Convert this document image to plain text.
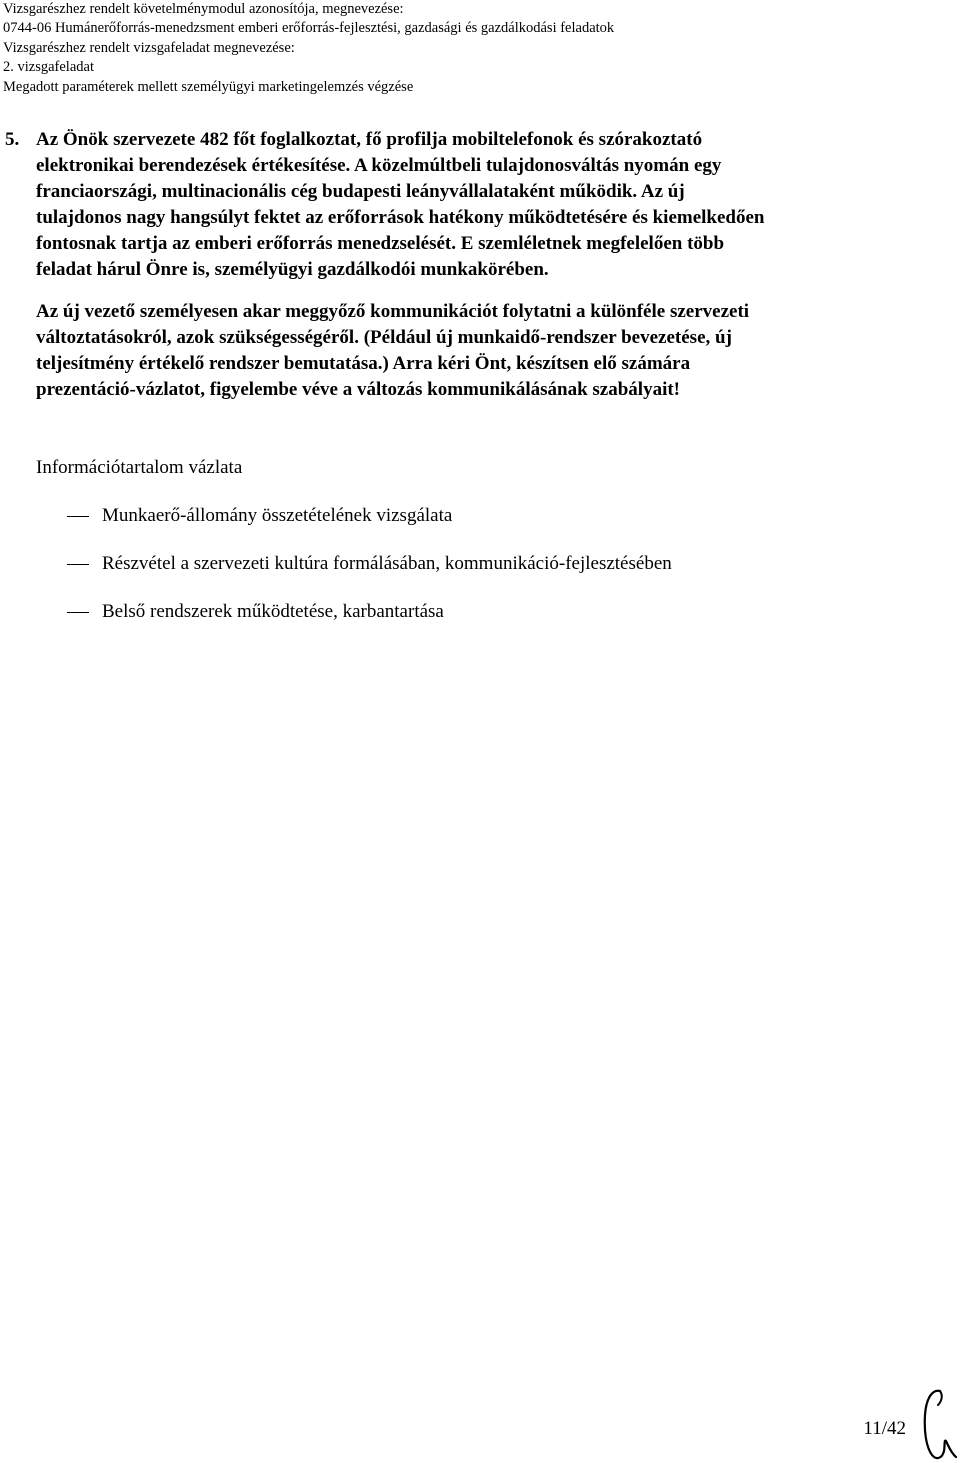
Vizsgarészhez rendelt követelménymodul azonosítója, megnevezése:
0744-06 Humánerőforrás-menedzsment emberi erőforrás-fejlesztési, gazdasági és gazdálkodási feladatok
Vizsgarészhez rendelt vizsgafeladat megnevezése:
2. vizsgafeladat
Megadott paraméterek mellett személyügyi marketingelemzés végzése
5. Az Önök szervezete 482 főt foglalkoztat, fő profilja mobiltelefonok és szórakoztató
elektronikai berendezések értékesítése. A közelmúltbeli tulajdonosváltás nyomán egy
franciaországi, multinacionális cég budapesti leányvállalataként működik. Az új
tulajdonos nagy hangsúlyt fektet az erőforrások hatékony működtetésére és kiemelkedően
fontosnak tartja az emberi erőforrás menedzselését. E szemléletnek megfelelően több
feladat hárul Önre is, személyügyi gazdálkodói munkakörében.
Az új vezető személyesen akar meggyőző kommunikációt folytatni a különféle szervezeti
változtatásokról, azok szükségességéről. (Például új munkaidő-rendszer bevezetése, új
teljesítmény értékelő rendszer bemutatása.) Arra kéri Önt, készítsen elő számára
prezentáció-vázlatot, figyelembe véve a változás kommunikálásának szabályait!
Információtartalom vázlata
Munkaerő-állomány összetételének vizsgálata
Részvétel a szervezeti kultúra formálásában, kommunikáció-fejlesztésében
Belső rendszerek működtetése, karbantartása
11/42
